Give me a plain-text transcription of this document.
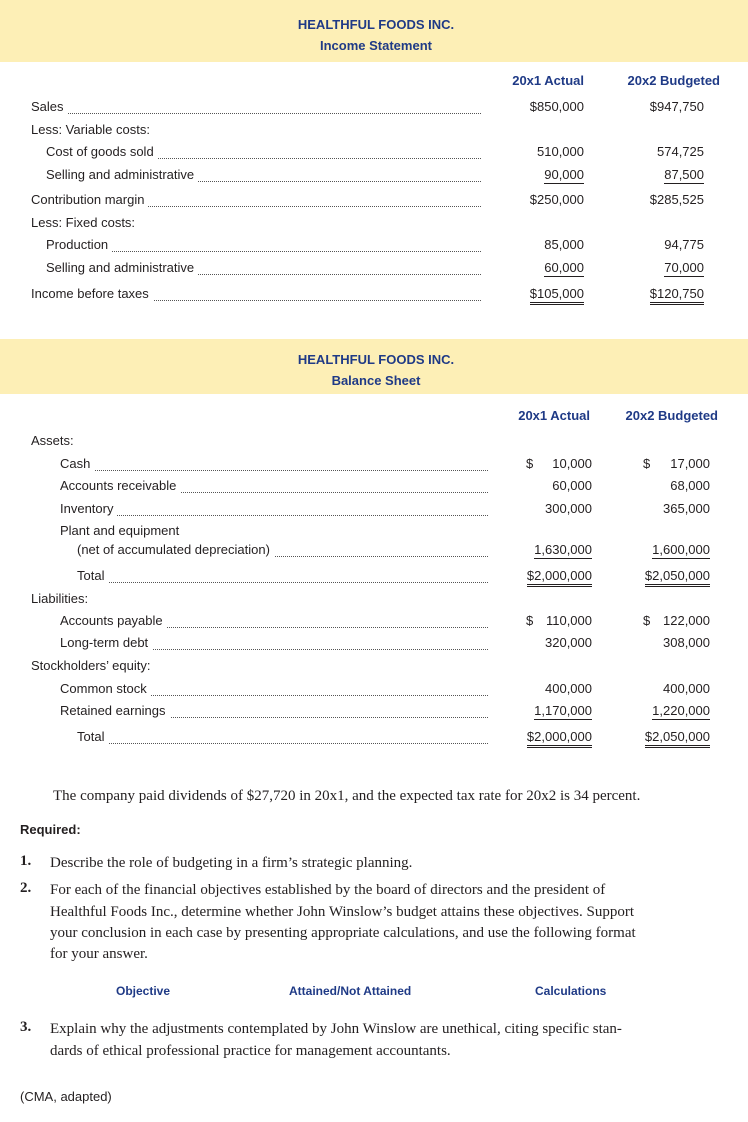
HEALTHFUL FOODS INC.
Income Statement
20x1 Actual	20x2 Budgeted
Sales	$850,000	$947,750
Less: Variable costs:
Cost of goods sold	510,000	574,725
Selling and administrative	90,000	87,500
Contribution margin	$250,000	$285,525
Less: Fixed costs:
Production	85,000	94,775
Selling and administrative	60,000	70,000
Income before taxes	$105,000	$120,750
HEALTHFUL FOODS INC.
Balance Sheet
20x1 Actual	20x2 Budgeted
Assets:
Cash	$ 10,000	$ 17,000
Accounts receivable	60,000	68,000
Inventory	300,000	365,000
Plant and equipment
(net of accumulated depreciation)	1,630,000	1,600,000
Total	$2,000,000	$2,050,000
Liabilities:
Accounts payable	$ 110,000	$ 122,000
Long-term debt	320,000	308,000
Stockholders’ equity:
Common stock	400,000	400,000
Retained earnings	1,170,000	1,220,000
Total	$2,000,000	$2,050,000
The company paid dividends of $27,720 in 20x1, and the expected tax rate for 20x2 is 34 percent.
Required:
1. Describe the role of budgeting in a firm’s strategic planning.
2. For each of the financial objectives established by the board of directors and the president of
Healthful Foods Inc., determine whether John Winslow’s budget attains these objectives. Support
your conclusion in each case by presenting appropriate calculations, and use the following format
for your answer.
Objective	Attained/Not Attained	Calculations
3. Explain why the adjustments contemplated by John Winslow are unethical, citing specific stan-
dards of ethical professional practice for management accountants.
(CMA, adapted)
